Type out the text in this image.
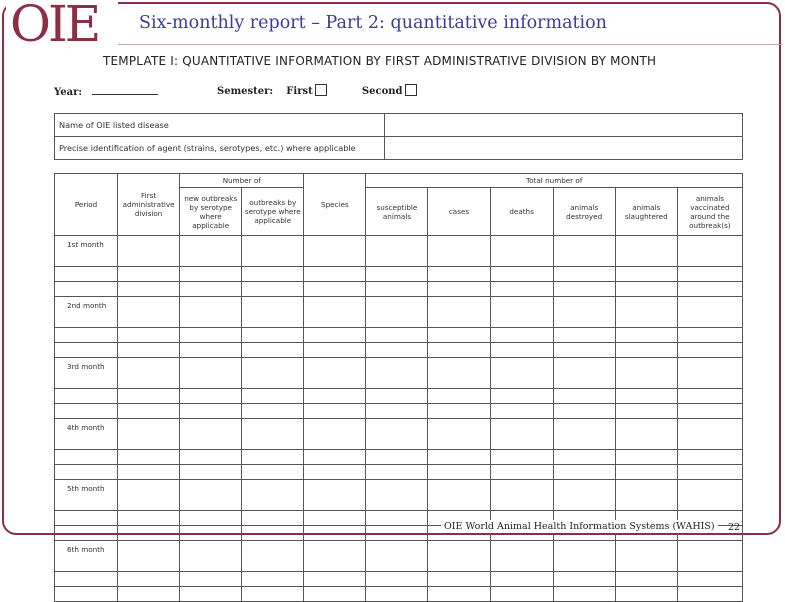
OIE Six-monthly report – Part 2: quantitative information
TEMPLATE I: QUANTITATIVE INFORMATION BY FIRST ADMINISTRATIVE DIVISION BY MONTH
Year:	Semester: First	Second
Name of OIE listed disease	
Precise identification of agent (strains, serotypes, etc.) where applicable	
Period	First administrative division	Number of		Species	Total number of					
		new outbreaks by serotype where applicable	outbreaks by serotype where applicable		susceptible animals	cases	deaths	animals destroyed	animals slaughtered	animals vaccinated around the outbreak(s)
1st month										

2nd month										

3rd month										

4th month										

5th month										

6th month										

OIE World Animal Health Information Systems (WAHIS)	22
